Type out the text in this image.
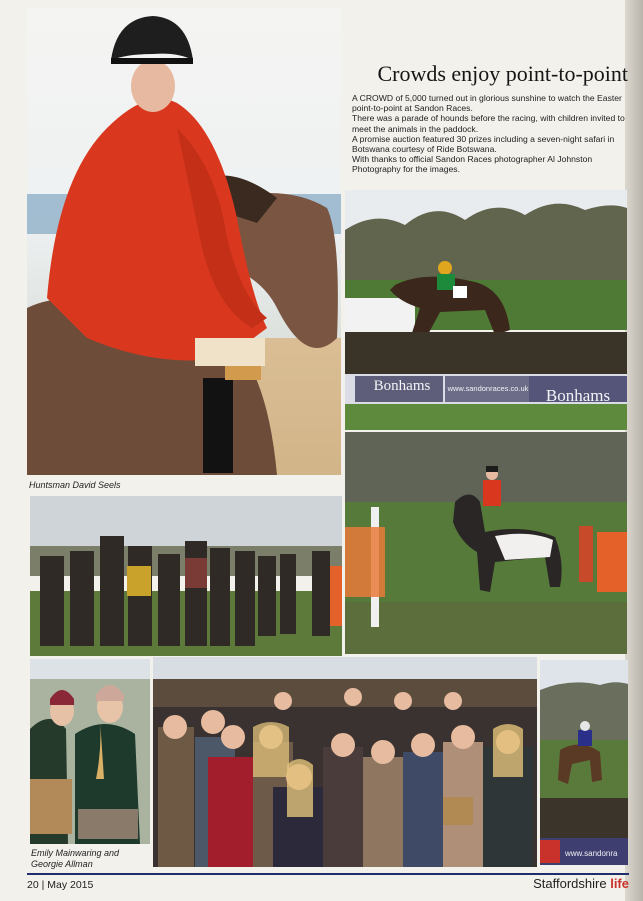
Huntsman David Seels
Crowds enjoy point-to-point

A CROWD of 5,000 turned out in glorious sunshine to watch the Easter point-to-point at Sandon Races.

There was a parade of hounds before the racing, with children invited to meet the animals in the paddock.

A promise auction featured 30 prizes including a seven-night safari in Botswana courtesy of Ride Botswana.

With thanks to official Sandon Races photographer Al Johnston Photography for the images.

Bonhams	www.sandonraces.co.uk	Bonhams
Emily Mainwaring and Georgie Allman
www.sandonra
20 | May 2015	Staffordshire life
